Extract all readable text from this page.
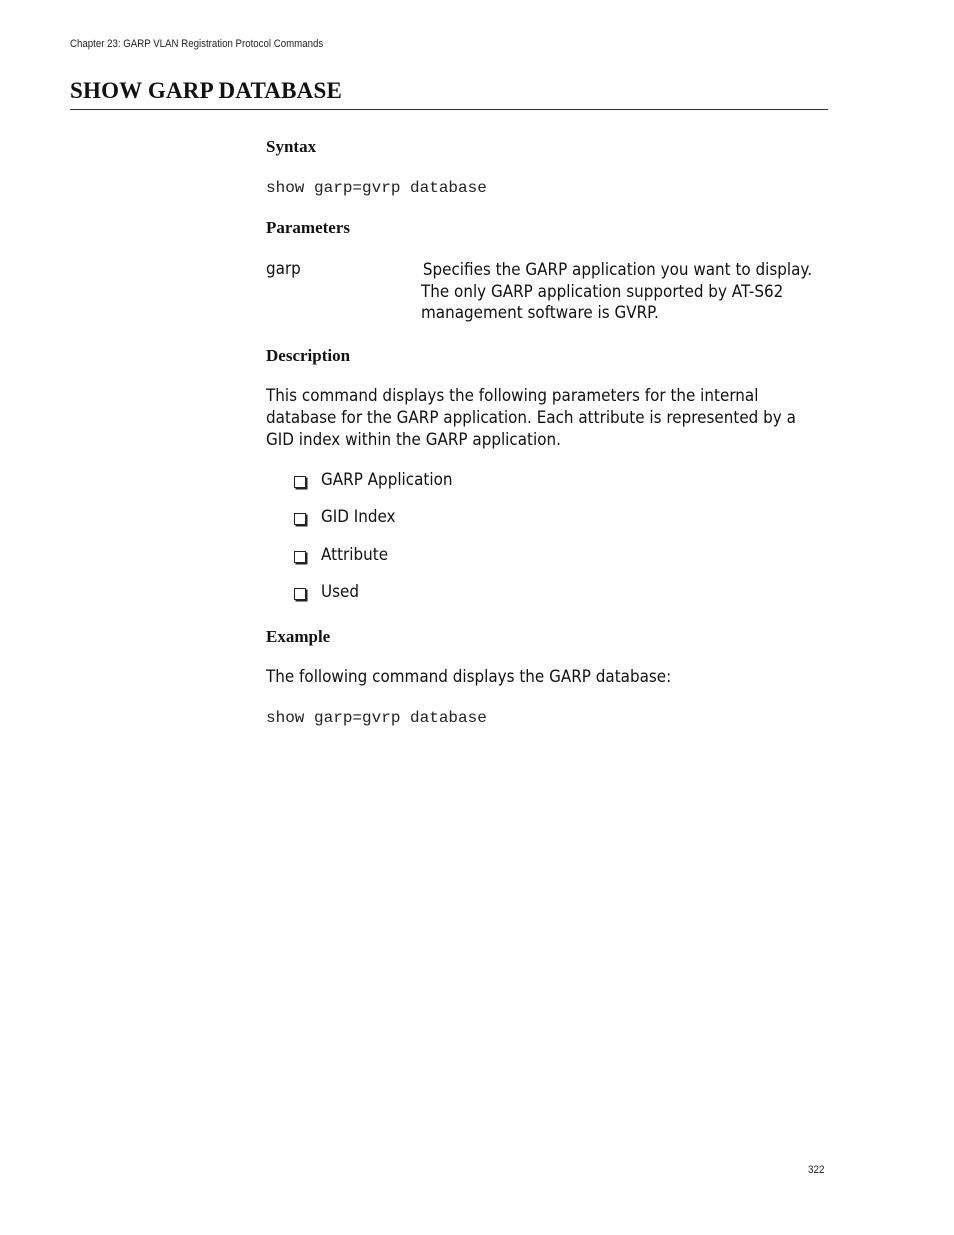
Chapter 23: GARP VLAN Registration Protocol Commands
SHOW GARP DATABASE
Syntax
show garp=gvrp database
Parameters
garp	Specifies the GARP application you want to display.
The only GARP application supported by AT-S62
management software is GVRP.
Description
This command displays the following parameters for the internal
database for the GARP application. Each attribute is represented by a
GID index within the GARP application.
GARP Application
GID Index
Attribute
Used
Example
The following command displays the GARP database:
show garp=gvrp database
322
